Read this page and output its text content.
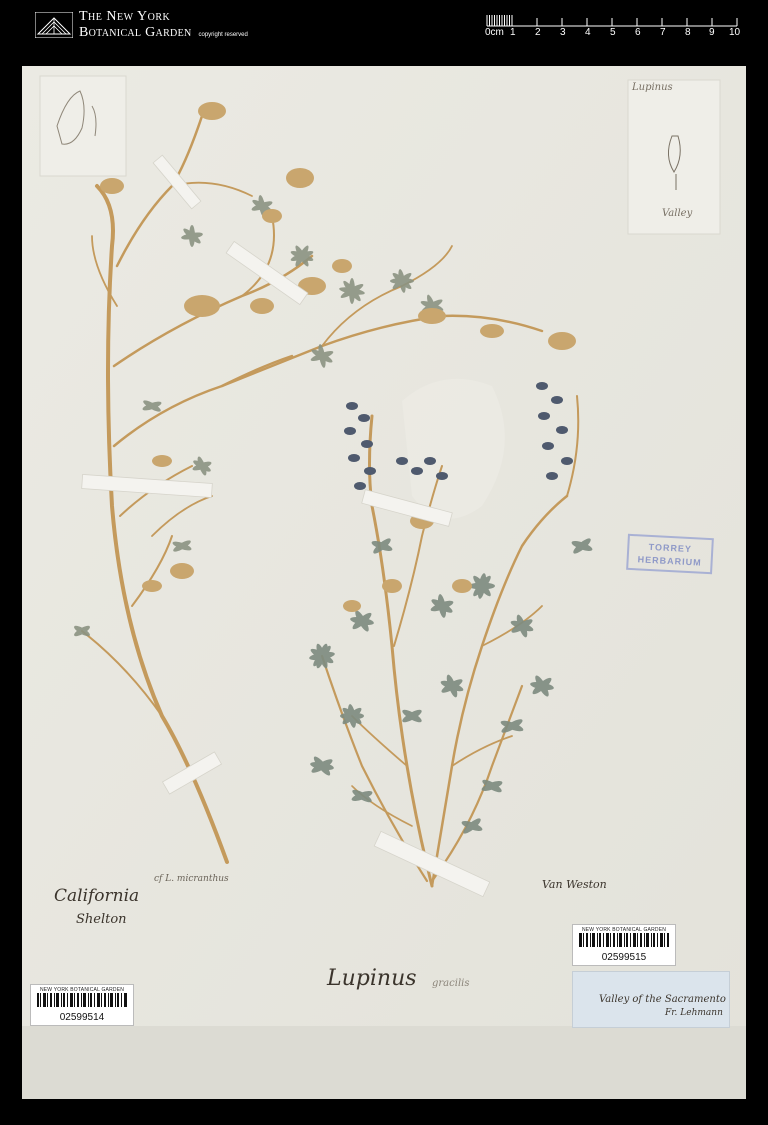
The New York
Botanical Garden copyright reserved	0cm 1 2 3 4 5 6 7 8 9 10
California
Shelton
cf L. micranthus	Van Weston
Lupinus gracilis
Lupinus
Valley
Valley of the Sacramento
Fr. Lehmann
TORREY
HERBARIUM
NEW YORK BOTANICAL GARDEN
02599514
NEW YORK BOTANICAL GARDEN
02599515
